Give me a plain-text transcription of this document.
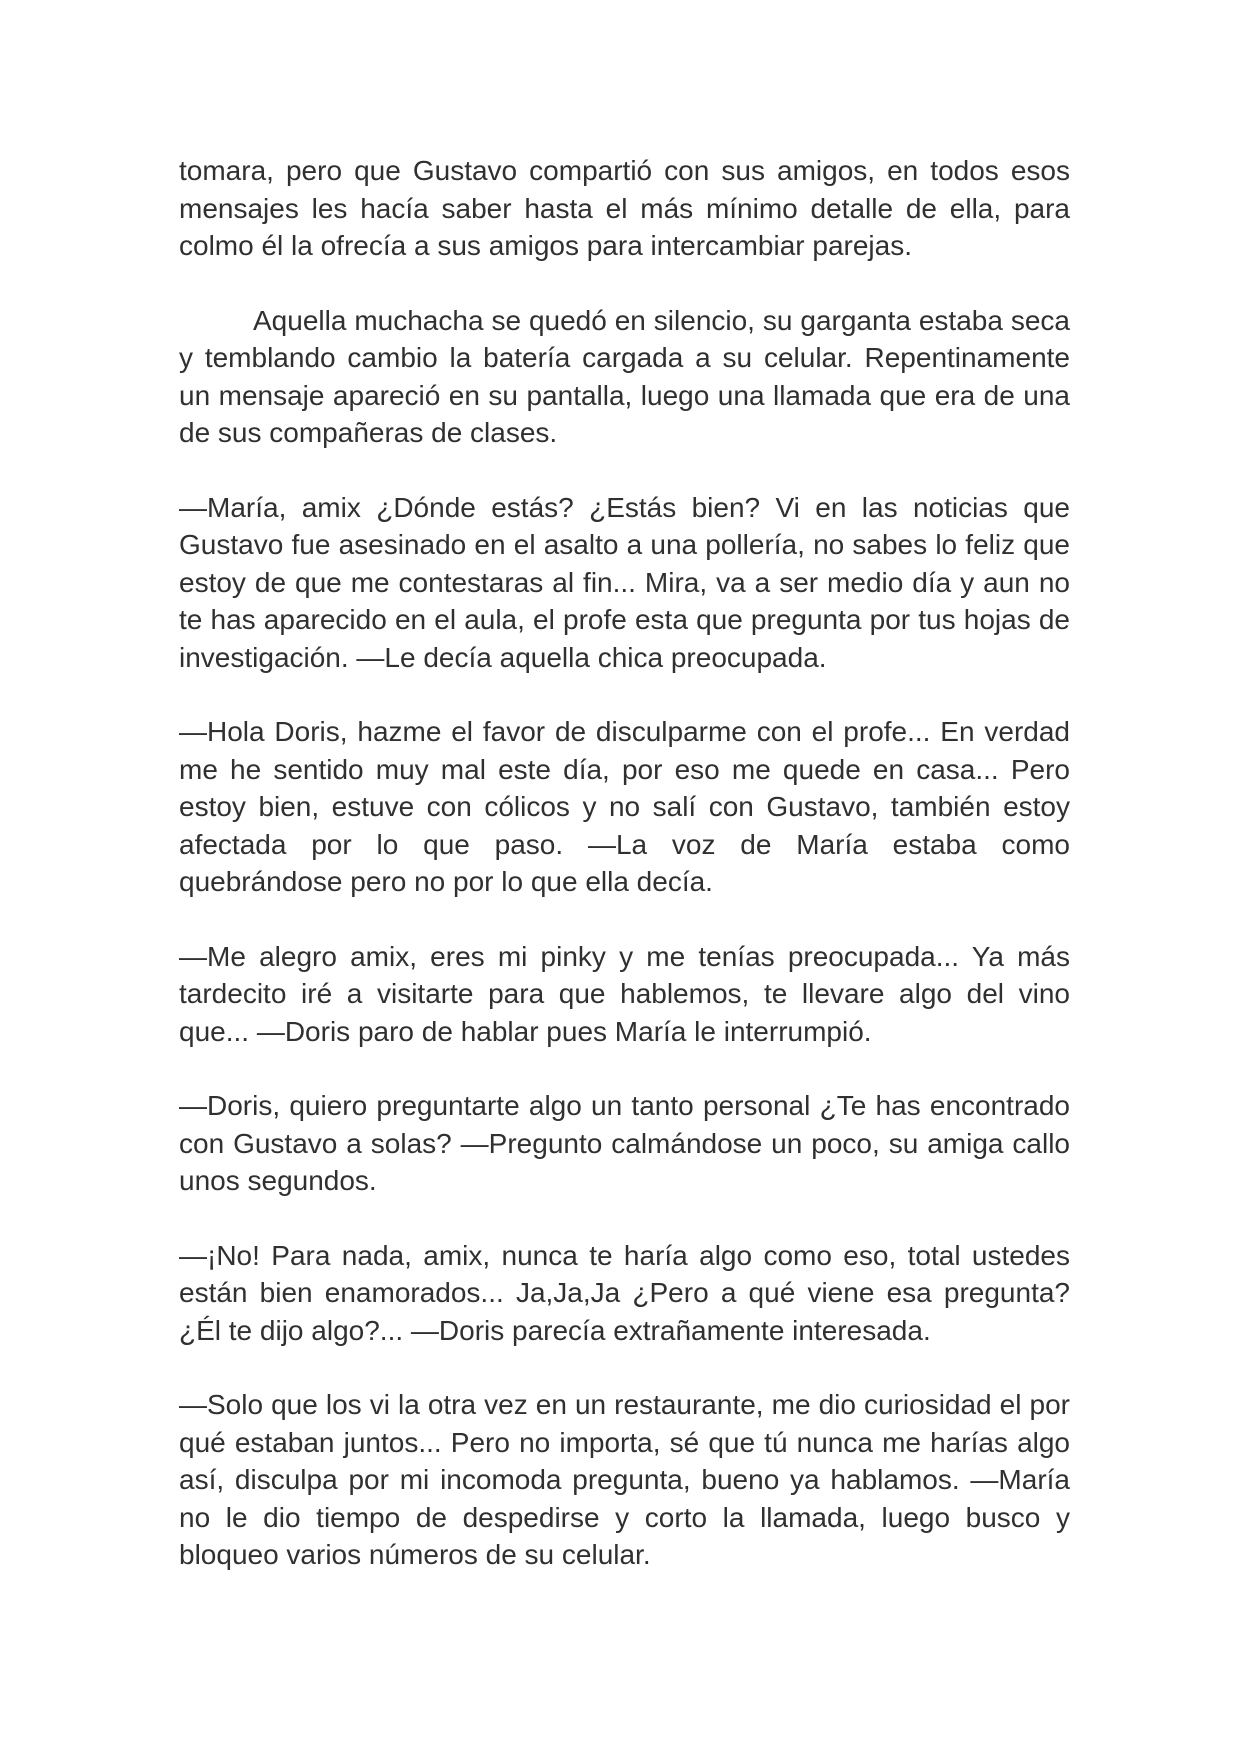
tomara, pero que Gustavo compartió con sus amigos, en todos esos mensajes les hacía saber hasta el más mínimo detalle de ella, para colmo él la ofrecía a sus amigos para intercambiar parejas.

Aquella muchacha se quedó en silencio, su garganta estaba seca y temblando cambio la batería cargada a su celular. Repentinamente un mensaje apareció en su pantalla, luego una llamada que era de una de sus compañeras de clases.

—María, amix ¿Dónde estás? ¿Estás bien? Vi en las noticias que Gustavo fue asesinado en el asalto a una pollería, no sabes lo feliz que estoy de que me contestaras al fin... Mira, va a ser medio día y aun no te has aparecido en el aula, el profe esta que pregunta por tus hojas de investigación. —Le decía aquella chica preocupada.

—Hola Doris, hazme el favor de disculparme con el profe... En verdad me he sentido muy mal este día, por eso me quede en casa... Pero estoy bien, estuve con cólicos y no salí con Gustavo, también estoy afectada por lo que paso. —La voz de María estaba como quebrándose pero no por lo que ella decía.

—Me alegro amix, eres mi pinky y me tenías preocupada... Ya más tardecito iré a visitarte para que hablemos, te llevare algo del vino que... —Doris paro de hablar pues María le interrumpió.

—Doris, quiero preguntarte algo un tanto personal ¿Te has encontrado con Gustavo a solas? —Pregunto calmándose un poco, su amiga callo unos segundos.

—¡No! Para nada, amix, nunca te haría algo como eso, total ustedes están bien enamorados... Ja,Ja,Ja ¿Pero a qué viene esa pregunta? ¿Él te dijo algo?... —Doris parecía extrañamente interesada.

—Solo que los vi la otra vez en un restaurante, me dio curiosidad el por qué estaban juntos... Pero no importa, sé que tú nunca me harías algo así, disculpa por mi incomoda pregunta, bueno ya hablamos. —María no le dio tiempo de despedirse y corto la llamada, luego busco y bloqueo varios números de su celular.
